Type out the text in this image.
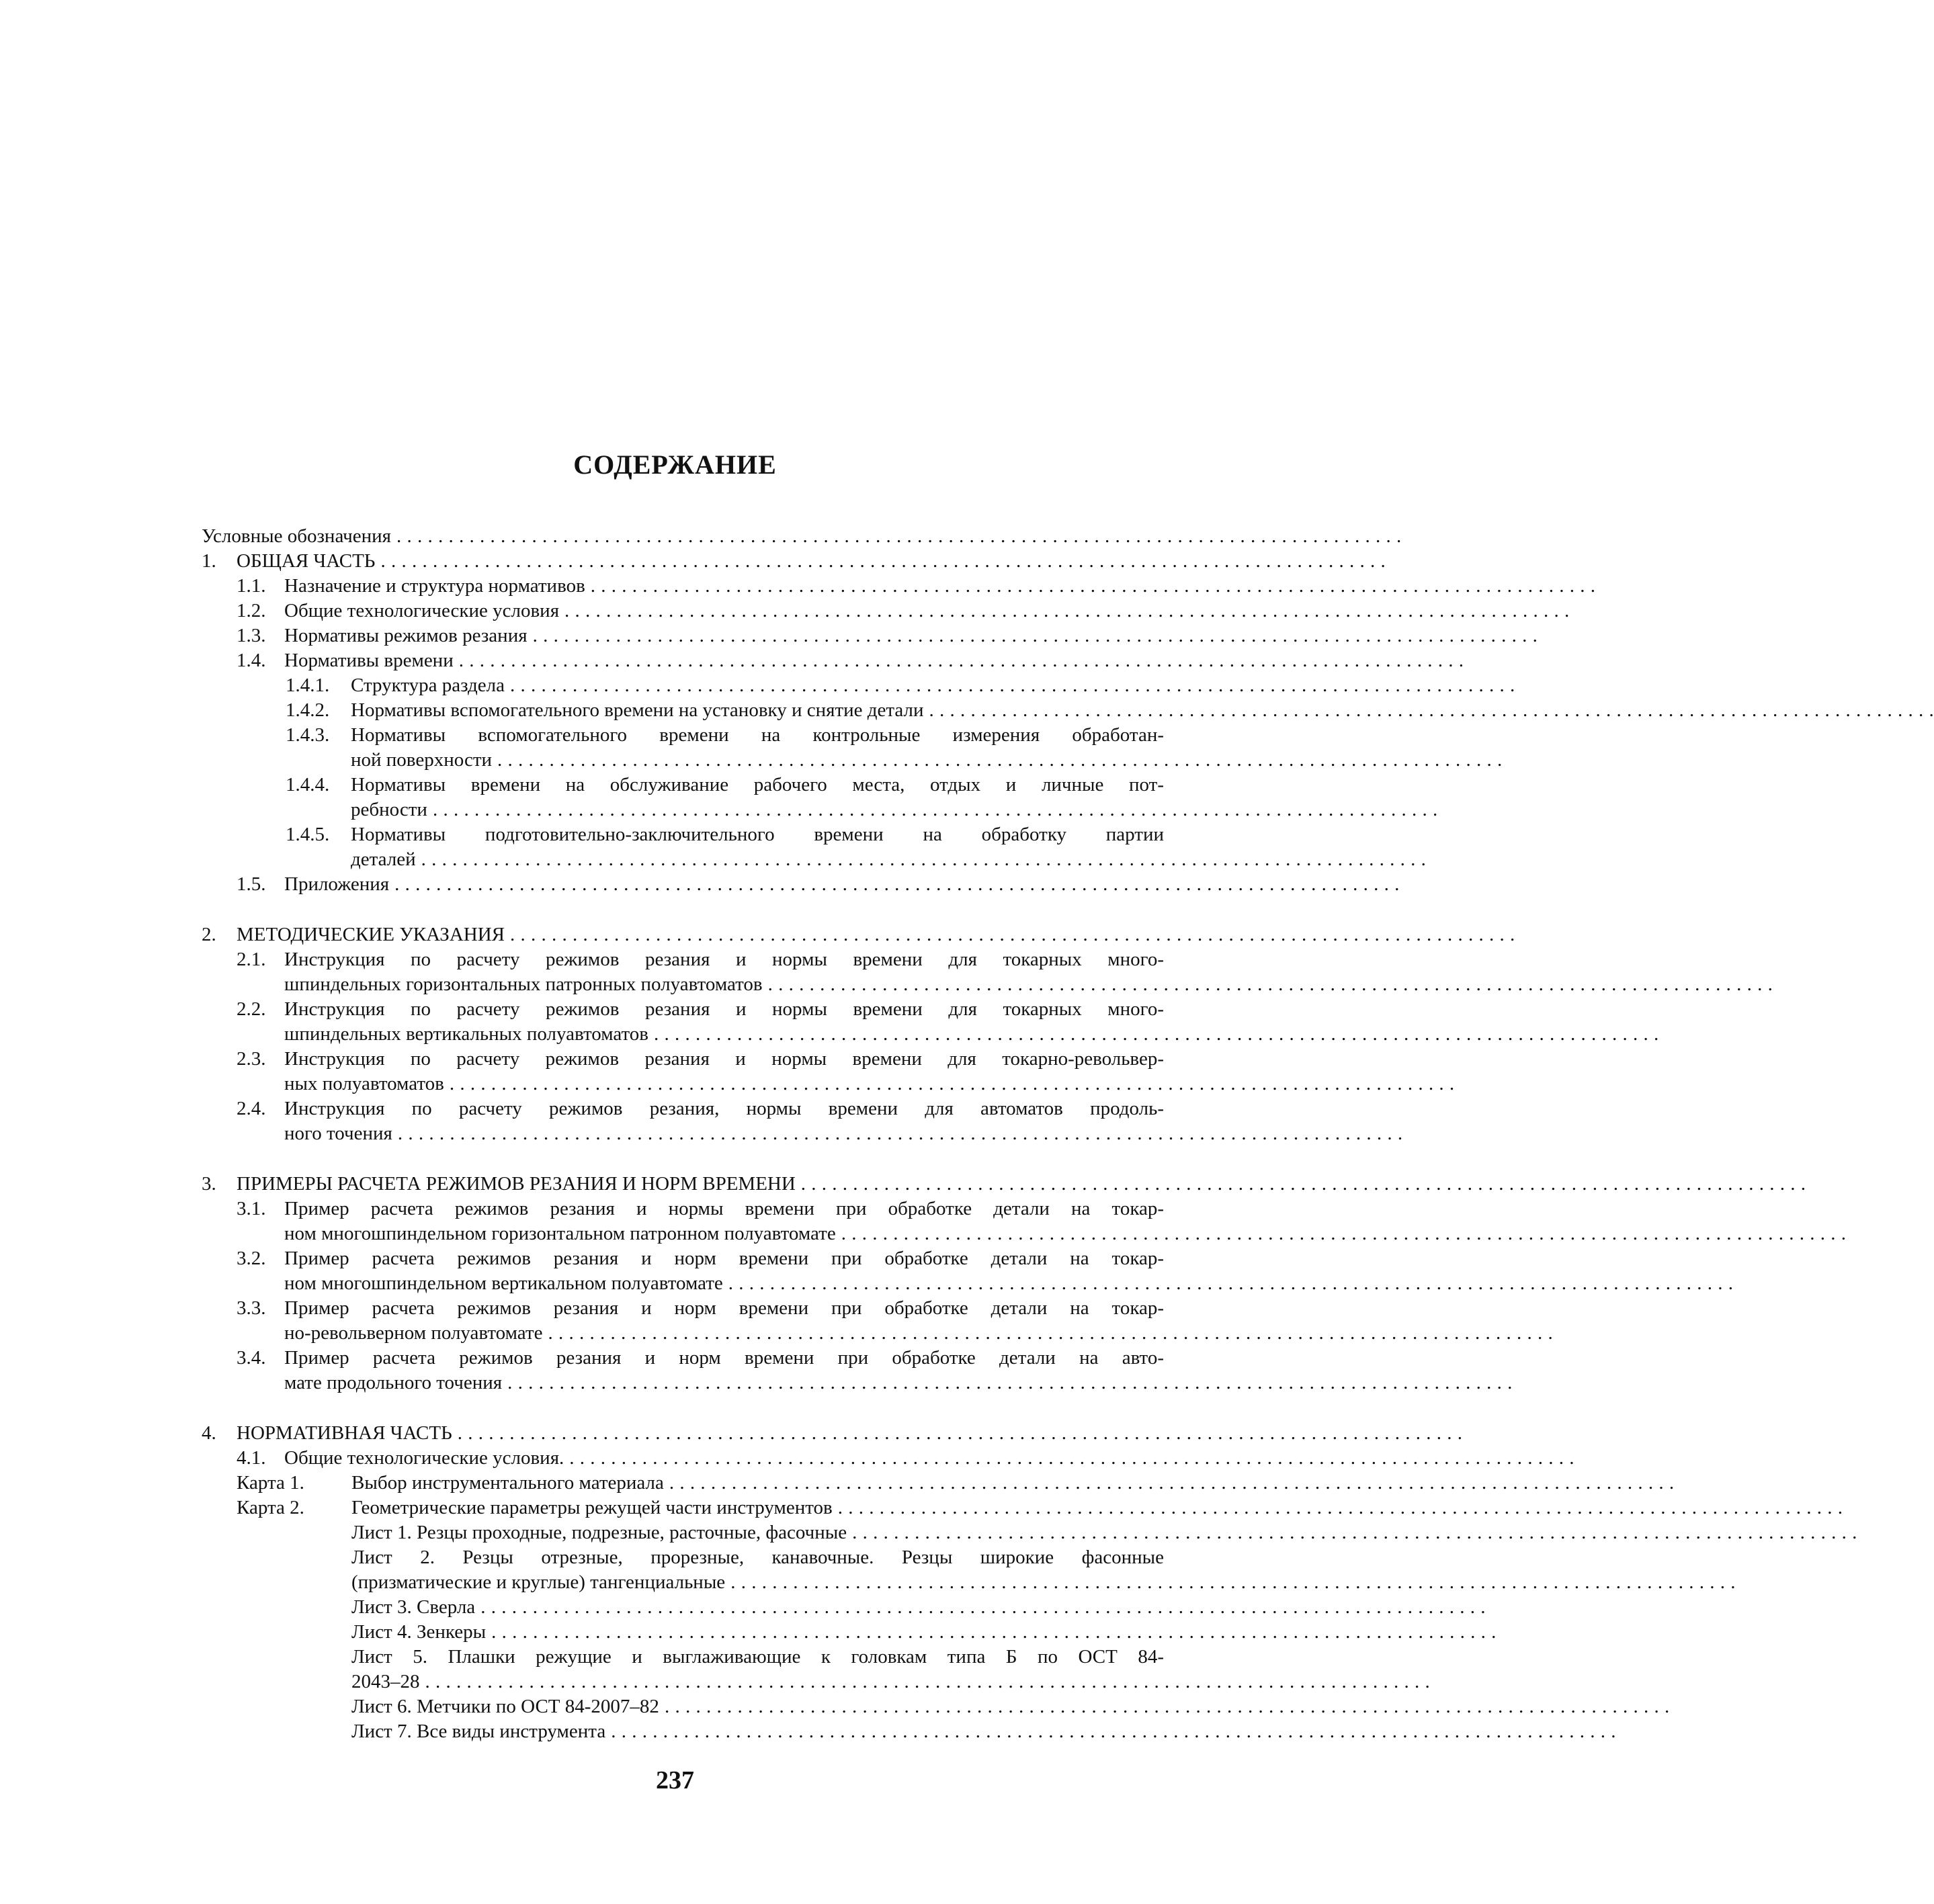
СОДЕРЖАНИЕ
Условные обозначения . . . . . . . . . . . . . . . . . . . . . . . . . . . . . . . . . . . . . . . . . . . . . . . . . . . . . . . . . . . . . . . . . . . . . . . . . . . . . . . . . . . . . . . . . . . . . . . . .
1. ОБЩАЯ ЧАСТЬ . . . . . . . . . . . . . . . . . . . . . . . . . . . . . . . . . . . . . . . . . . . . . . . . . . . . . . . . . . . . . . . . . . . . . . . . . . . . . . . . . . . . . . . . . . . . . . . . .
1.1. Назначение и структура нормативов . . . . . . . . . . . . . . . . . . . . . . . . . . . . . . . . . . . . . . . . . . . . . . . . . . . . . . . . . . . . . . . . . . . . . . . . . . . . . . . . . . . . . . . . . . . . . . . . .
1.2. Общие технологические условия . . . . . . . . . . . . . . . . . . . . . . . . . . . . . . . . . . . . . . . . . . . . . . . . . . . . . . . . . . . . . . . . . . . . . . . . . . . . . . . . . . . . . . . . . . . . . . . . .
1.3. Нормативы режимов резания . . . . . . . . . . . . . . . . . . . . . . . . . . . . . . . . . . . . . . . . . . . . . . . . . . . . . . . . . . . . . . . . . . . . . . . . . . . . . . . . . . . . . . . . . . . . . . . . .
1.4. Нормативы времени . . . . . . . . . . . . . . . . . . . . . . . . . . . . . . . . . . . . . . . . . . . . . . . . . . . . . . . . . . . . . . . . . . . . . . . . . . . . . . . . . . . . . . . . . . . . . . . . .
1.4.1. Структура раздела . . . . . . . . . . . . . . . . . . . . . . . . . . . . . . . . . . . . . . . . . . . . . . . . . . . . . . . . . . . . . . . . . . . . . . . . . . . . . . . . . . . . . . . . . . . . . . . . .
1.4.2. Нормативы вспомогательного времени на установку и снятие детали . . . . . . . . . . . . . . . . . . . . . . . . . . . . . . . . . . . . . . . . . . . . . . . . . . . . . . . . . . . . . . . . . . . . . . . . . . . . . . . . . . . . . . . . . . . . . . . . .
1.4.3. Нормативы вспомогательного времени на контрольные измерения обработан-
ной поверхности . . . . . . . . . . . . . . . . . . . . . . . . . . . . . . . . . . . . . . . . . . . . . . . . . . . . . . . . . . . . . . . . . . . . . . . . . . . . . . . . . . . . . . . . . . . . . . . . .
1.4.4. Нормативы времени на обслуживание рабочего места, отдых и личные пот-
ребности . . . . . . . . . . . . . . . . . . . . . . . . . . . . . . . . . . . . . . . . . . . . . . . . . . . . . . . . . . . . . . . . . . . . . . . . . . . . . . . . . . . . . . . . . . . . . . . . .
1.4.5. Нормативы подготовительно-заключительного времени на обработку партии
деталей . . . . . . . . . . . . . . . . . . . . . . . . . . . . . . . . . . . . . . . . . . . . . . . . . . . . . . . . . . . . . . . . . . . . . . . . . . . . . . . . . . . . . . . . . . . . . . . . .
1.5. Приложения . . . . . . . . . . . . . . . . . . . . . . . . . . . . . . . . . . . . . . . . . . . . . . . . . . . . . . . . . . . . . . . . . . . . . . . . . . . . . . . . . . . . . . . . . . . . . . . . .
2. МЕТОДИЧЕСКИЕ УКАЗАНИЯ . . . . . . . . . . . . . . . . . . . . . . . . . . . . . . . . . . . . . . . . . . . . . . . . . . . . . . . . . . . . . . . . . . . . . . . . . . . . . . . . . . . . . . . . . . . . . . . . .
2.1. Инструкция по расчету режимов резания и нормы времени для токарных много-
шпиндельных горизонтальных патронных полуавтоматов . . . . . . . . . . . . . . . . . . . . . . . . . . . . . . . . . . . . . . . . . . . . . . . . . . . . . . . . . . . . . . . . . . . . . . . . . . . . . . . . . . . . . . . . . . . . . . . . .
2.2. Инструкция по расчету режимов резания и нормы времени для токарных много-
шпиндельных вертикальных полуавтоматов . . . . . . . . . . . . . . . . . . . . . . . . . . . . . . . . . . . . . . . . . . . . . . . . . . . . . . . . . . . . . . . . . . . . . . . . . . . . . . . . . . . . . . . . . . . . . . . . .
2.3. Инструкция по расчету режимов резания и нормы времени для токарно-револьвер-
ных полуавтоматов . . . . . . . . . . . . . . . . . . . . . . . . . . . . . . . . . . . . . . . . . . . . . . . . . . . . . . . . . . . . . . . . . . . . . . . . . . . . . . . . . . . . . . . . . . . . . . . . .
2.4. Инструкция по расчету режимов резания, нормы времени для автоматов продоль-
ного точения . . . . . . . . . . . . . . . . . . . . . . . . . . . . . . . . . . . . . . . . . . . . . . . . . . . . . . . . . . . . . . . . . . . . . . . . . . . . . . . . . . . . . . . . . . . . . . . . .
3. ПРИМЕРЫ РАСЧЕТА РЕЖИМОВ РЕЗАНИЯ И НОРМ ВРЕМЕНИ . . . . . . . . . . . . . . . . . . . . . . . . . . . . . . . . . . . . . . . . . . . . . . . . . . . . . . . . . . . . . . . . . . . . . . . . . . . . . . . . . . . . . . . . . . . . . . . . .
3.1. Пример расчета режимов резания и нормы времени при обработке детали на токар-
ном многошпиндельном горизонтальном патронном полуавтомате . . . . . . . . . . . . . . . . . . . . . . . . . . . . . . . . . . . . . . . . . . . . . . . . . . . . . . . . . . . . . . . . . . . . . . . . . . . . . . . . . . . . . . . . . . . . . . . . .
3.2. Пример расчета режимов резания и норм времени при обработке детали на токар-
ном многошпиндельном вертикальном полуавтомате . . . . . . . . . . . . . . . . . . . . . . . . . . . . . . . . . . . . . . . . . . . . . . . . . . . . . . . . . . . . . . . . . . . . . . . . . . . . . . . . . . . . . . . . . . . . . . . . .
3.3. Пример расчета режимов резания и норм времени при обработке детали на токар-
но-револьверном полуавтомате . . . . . . . . . . . . . . . . . . . . . . . . . . . . . . . . . . . . . . . . . . . . . . . . . . . . . . . . . . . . . . . . . . . . . . . . . . . . . . . . . . . . . . . . . . . . . . . . .
3.4. Пример расчета режимов резания и норм времени при обработке детали на авто-
мате продольного точения . . . . . . . . . . . . . . . . . . . . . . . . . . . . . . . . . . . . . . . . . . . . . . . . . . . . . . . . . . . . . . . . . . . . . . . . . . . . . . . . . . . . . . . . . . . . . . . . .
4. НОРМАТИВНАЯ ЧАСТЬ . . . . . . . . . . . . . . . . . . . . . . . . . . . . . . . . . . . . . . . . . . . . . . . . . . . . . . . . . . . . . . . . . . . . . . . . . . . . . . . . . . . . . . . . . . . . . . . . .
4.1. Общие технологические условия. . . . . . . . . . . . . . . . . . . . . . . . . . . . . . . . . . . . . . . . . . . . . . . . . . . . . . . . . . . . . . . . . . . . . . . . . . . . . . . . . . . . . . . . . . . . . . . . . .
Карта 1. Выбор инструментального материала . . . . . . . . . . . . . . . . . . . . . . . . . . . . . . . . . . . . . . . . . . . . . . . . . . . . . . . . . . . . . . . . . . . . . . . . . . . . . . . . . . . . . . . . . . . . . . . . .
Карта 2. Геометрические параметры режущей части инструментов . . . . . . . . . . . . . . . . . . . . . . . . . . . . . . . . . . . . . . . . . . . . . . . . . . . . . . . . . . . . . . . . . . . . . . . . . . . . . . . . . . . . . . . . . . . . . . . . .
Лист 1. Резцы проходные, подрезные, расточные, фасочные . . . . . . . . . . . . . . . . . . . . . . . . . . . . . . . . . . . . . . . . . . . . . . . . . . . . . . . . . . . . . . . . . . . . . . . . . . . . . . . . . . . . . . . . . . . . . . . . .
Лист 2. Резцы отрезные, прорезные, канавочные. Резцы широкие фасонные
(призматические и круглые) тангенциальные . . . . . . . . . . . . . . . . . . . . . . . . . . . . . . . . . . . . . . . . . . . . . . . . . . . . . . . . . . . . . . . . . . . . . . . . . . . . . . . . . . . . . . . . . . . . . . . . .
Лист 3. Сверла . . . . . . . . . . . . . . . . . . . . . . . . . . . . . . . . . . . . . . . . . . . . . . . . . . . . . . . . . . . . . . . . . . . . . . . . . . . . . . . . . . . . . . . . . . . . . . . . .
Лист 4. Зенкеры . . . . . . . . . . . . . . . . . . . . . . . . . . . . . . . . . . . . . . . . . . . . . . . . . . . . . . . . . . . . . . . . . . . . . . . . . . . . . . . . . . . . . . . . . . . . . . . . .
Лист 5. Плашки режущие и выглаживающие к головкам типа Б по ОСТ 84-
2043–28 . . . . . . . . . . . . . . . . . . . . . . . . . . . . . . . . . . . . . . . . . . . . . . . . . . . . . . . . . . . . . . . . . . . . . . . . . . . . . . . . . . . . . . . . . . . . . . . . .
Лист 6. Метчики по ОСТ 84-2007–82 . . . . . . . . . . . . . . . . . . . . . . . . . . . . . . . . . . . . . . . . . . . . . . . . . . . . . . . . . . . . . . . . . . . . . . . . . . . . . . . . . . . . . . . . . . . . . . . . .
Лист 7. Все виды инструмента . . . . . . . . . . . . . . . . . . . . . . . . . . . . . . . . . . . . . . . . . . . . . . . . . . . . . . . . . . . . . . . . . . . . . . . . . . . . . . . . . . . . . . . . . . . . . . . . .
237
